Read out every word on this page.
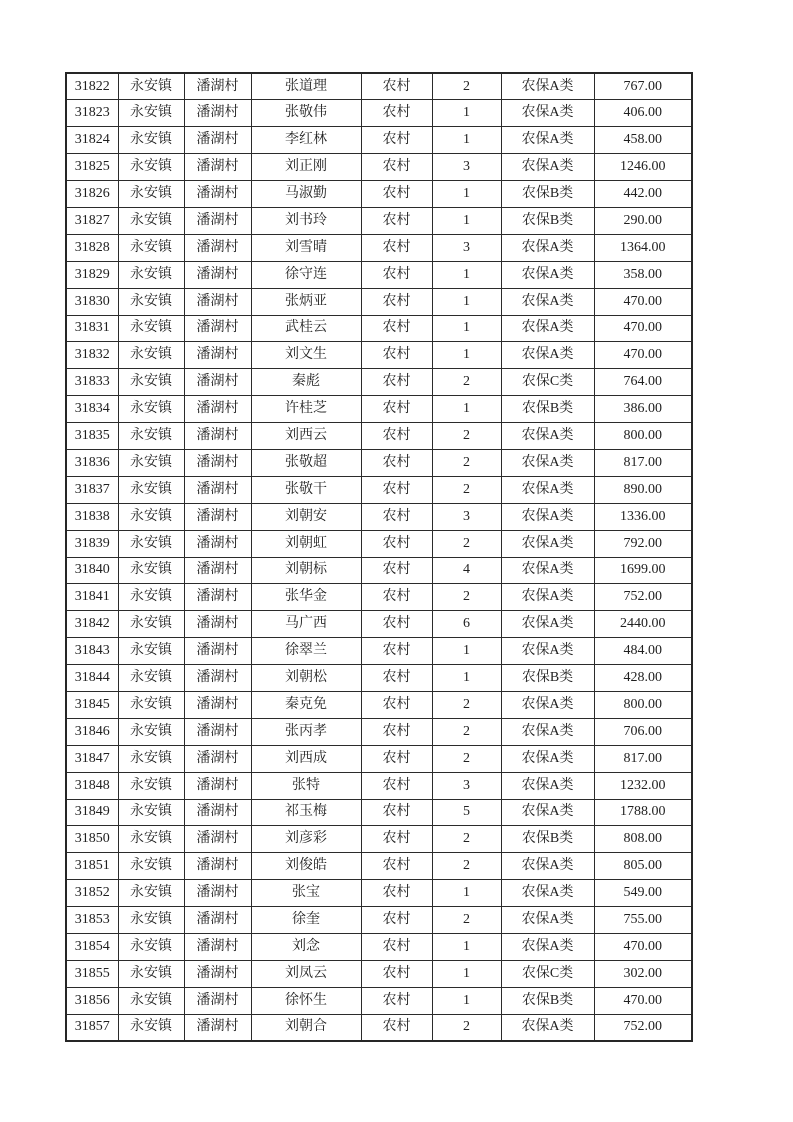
31822	永安镇	潘湖村	张道理	农村	2	农保A类	767.00
31823	永安镇	潘湖村	张敬伟	农村	1	农保A类	406.00
31824	永安镇	潘湖村	李红林	农村	1	农保A类	458.00
31825	永安镇	潘湖村	刘正刚	农村	3	农保A类	1246.00
31826	永安镇	潘湖村	马淑勤	农村	1	农保B类	442.00
31827	永安镇	潘湖村	刘书玲	农村	1	农保B类	290.00
31828	永安镇	潘湖村	刘雪晴	农村	3	农保A类	1364.00
31829	永安镇	潘湖村	徐守连	农村	1	农保A类	358.00
31830	永安镇	潘湖村	张炳亚	农村	1	农保A类	470.00
31831	永安镇	潘湖村	武桂云	农村	1	农保A类	470.00
31832	永安镇	潘湖村	刘文生	农村	1	农保A类	470.00
31833	永安镇	潘湖村	秦彪	农村	2	农保C类	764.00
31834	永安镇	潘湖村	许桂芝	农村	1	农保B类	386.00
31835	永安镇	潘湖村	刘西云	农村	2	农保A类	800.00
31836	永安镇	潘湖村	张敬超	农村	2	农保A类	817.00
31837	永安镇	潘湖村	张敬干	农村	2	农保A类	890.00
31838	永安镇	潘湖村	刘朝安	农村	3	农保A类	1336.00
31839	永安镇	潘湖村	刘朝虹	农村	2	农保A类	792.00
31840	永安镇	潘湖村	刘朝标	农村	4	农保A类	1699.00
31841	永安镇	潘湖村	张华金	农村	2	农保A类	752.00
31842	永安镇	潘湖村	马广西	农村	6	农保A类	2440.00
31843	永安镇	潘湖村	徐翠兰	农村	1	农保A类	484.00
31844	永安镇	潘湖村	刘朝松	农村	1	农保B类	428.00
31845	永安镇	潘湖村	秦克免	农村	2	农保A类	800.00
31846	永安镇	潘湖村	张丙孝	农村	2	农保A类	706.00
31847	永安镇	潘湖村	刘西成	农村	2	农保A类	817.00
31848	永安镇	潘湖村	张特	农村	3	农保A类	1232.00
31849	永安镇	潘湖村	祁玉梅	农村	5	农保A类	1788.00
31850	永安镇	潘湖村	刘彦彩	农村	2	农保B类	808.00
31851	永安镇	潘湖村	刘俊皓	农村	2	农保A类	805.00
31852	永安镇	潘湖村	张宝	农村	1	农保A类	549.00
31853	永安镇	潘湖村	徐奎	农村	2	农保A类	755.00
31854	永安镇	潘湖村	刘念	农村	1	农保A类	470.00
31855	永安镇	潘湖村	刘凤云	农村	1	农保C类	302.00
31856	永安镇	潘湖村	徐怀生	农村	1	农保B类	470.00
31857	永安镇	潘湖村	刘朝合	农村	2	农保A类	752.00
